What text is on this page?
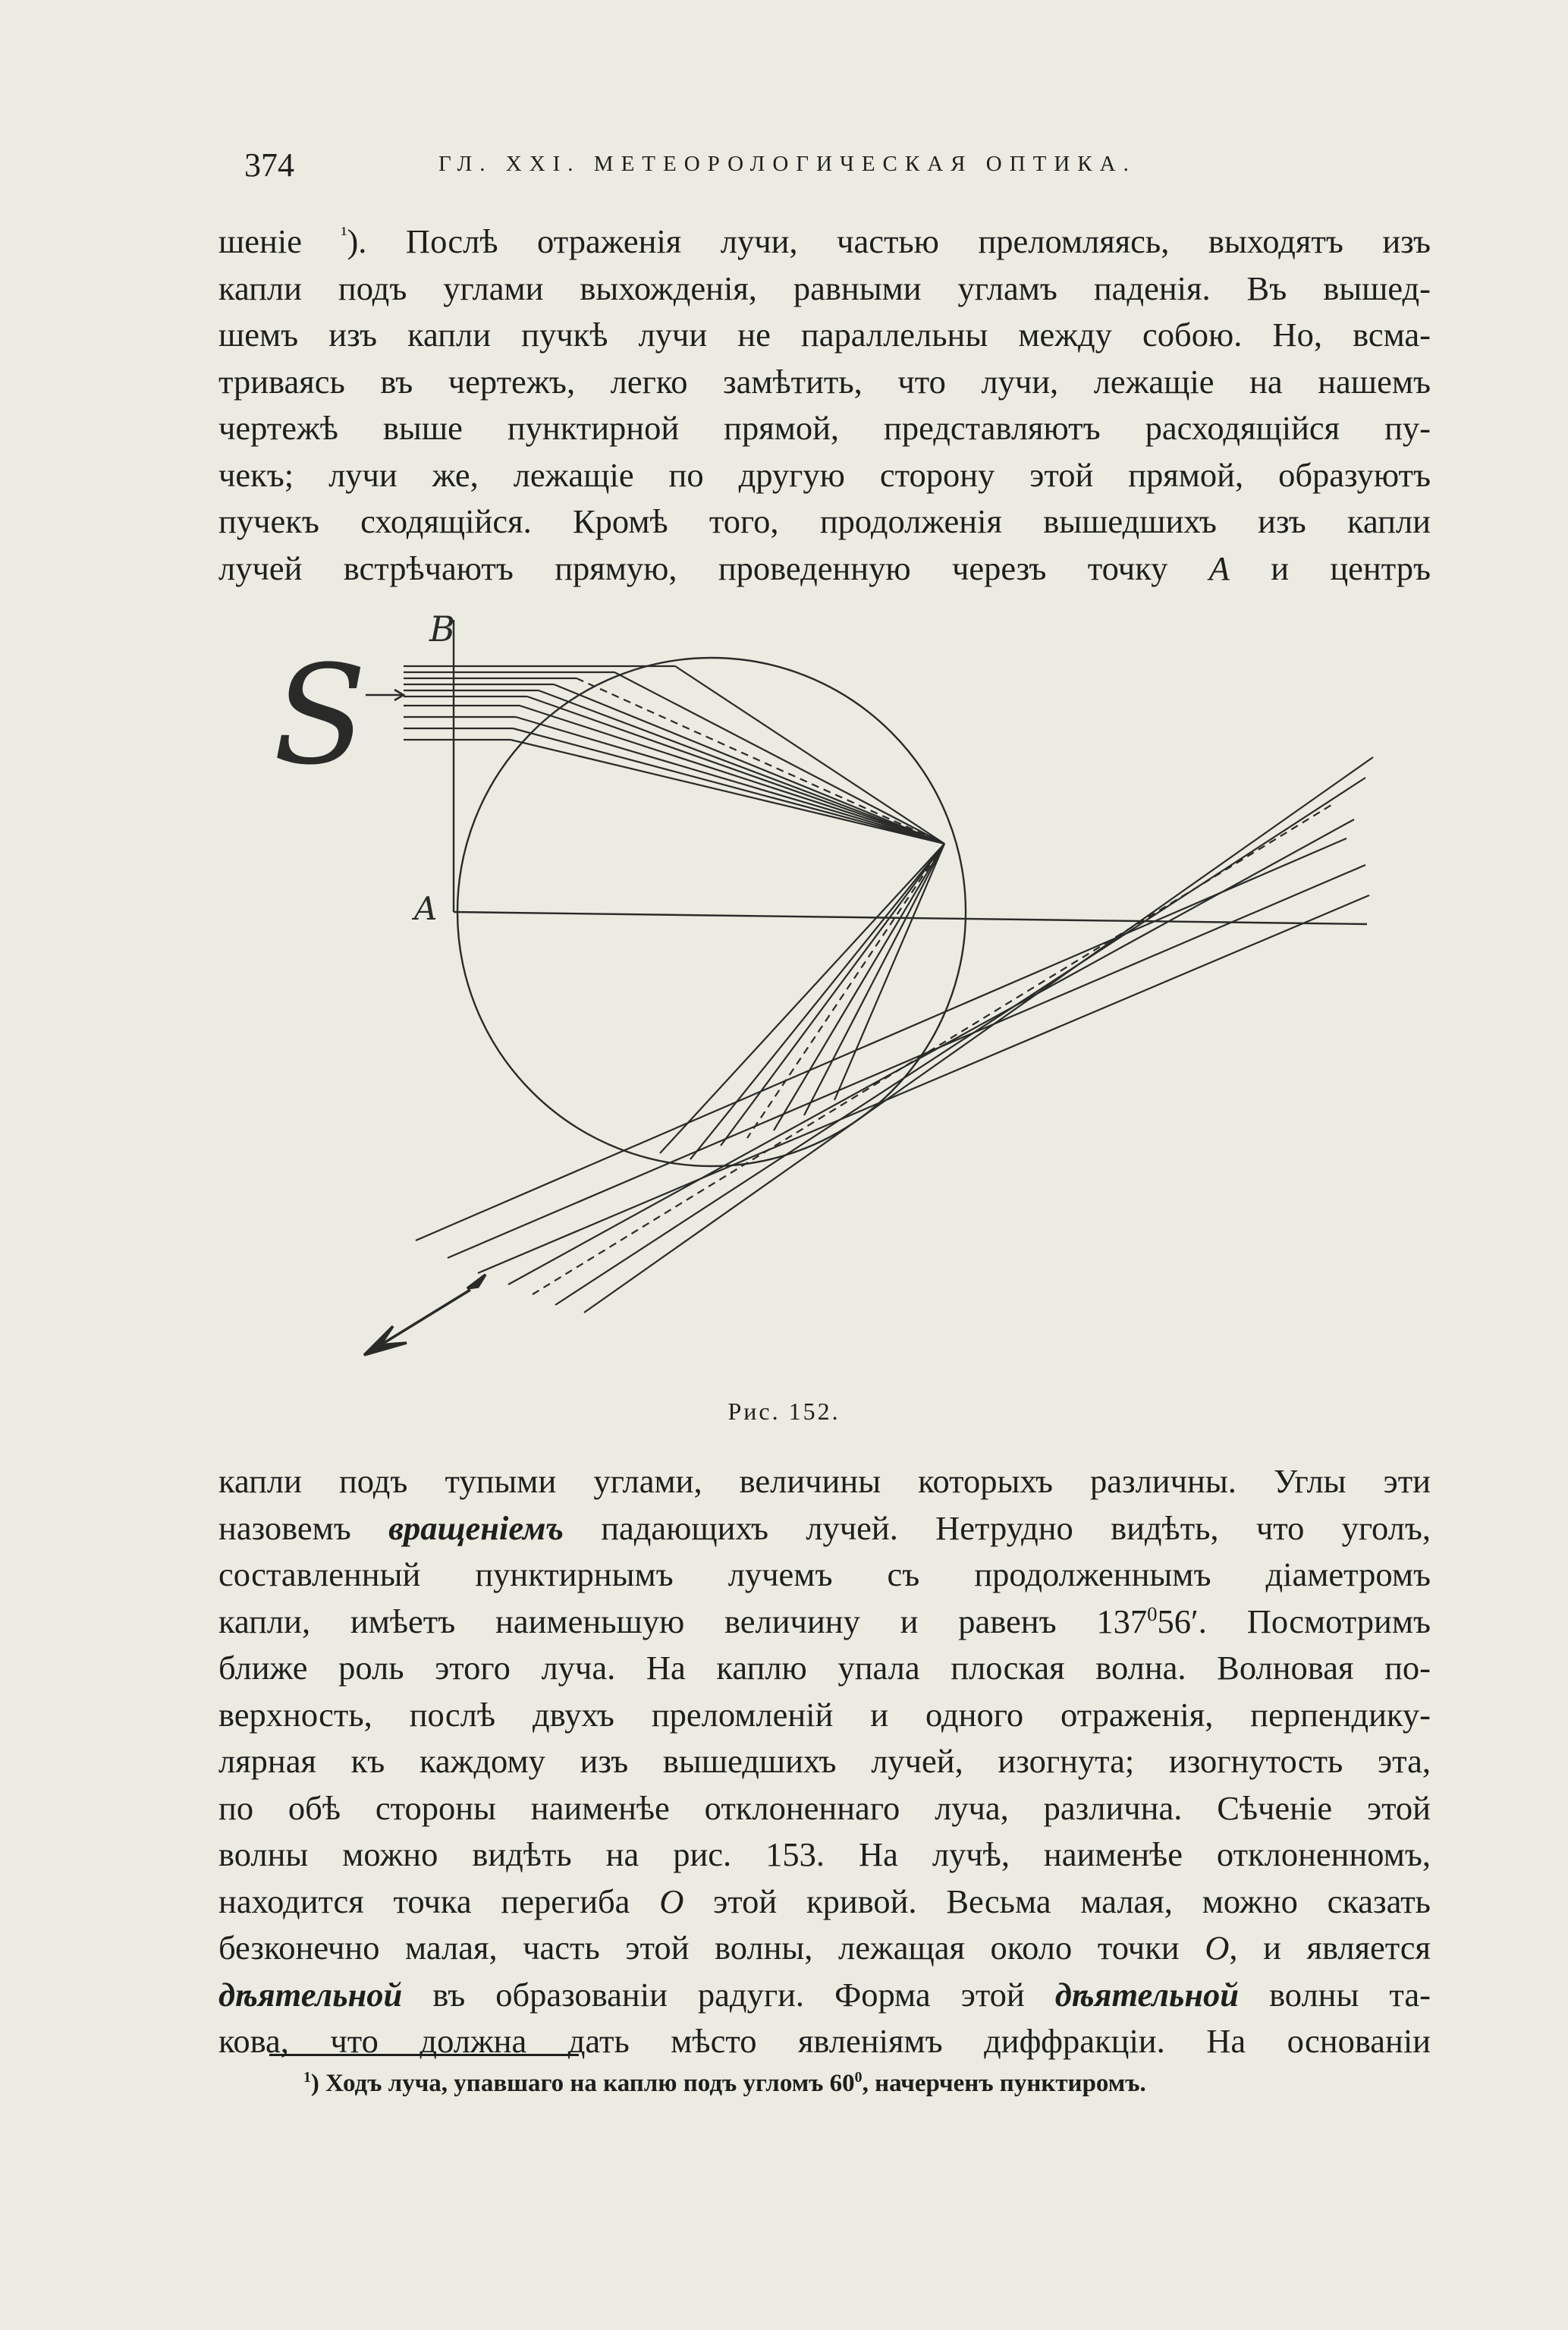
374	ГЛ. XXI. МЕТЕОРОЛОГИЧЕСКАЯ ОПТИКА.
шеніе $^{^1}$). Послѣ отраженія лучи, частью преломляясь, выходятъ изъ
капли подъ углами выхожденія, равными угламъ паденія. Въ вышед-
шемъ изъ капли пучкѣ лучи не параллельны между собою. Но, всма-
триваясь въ чертежъ, легко замѣтить, что лучи, лежащіе на нашемъ
чертежѣ выше пунктирной прямой, представляютъ расходящійся пу-
чекъ; лучи же, лежащіе по другую сторону этой прямой, образуютъ
пучекъ сходящійся. Кромѣ того, продолженія вышедшихъ изъ капли
лучей встрѣчаютъ прямую, проведенную черезъ точку A и центръ
B
S
A
Рис. 152.
капли подъ тупыми углами, величины которыхъ различны. Углы эти
назовемъ вращеніемъ падающихъ лучей. Нетрудно видѣть, что уголъ,
составленный пунктирнымъ лучемъ съ продолженнымъ діаметромъ
капли, имѣетъ наименьшую величину и равенъ $137^056'$. Посмотримъ
ближе роль этого луча. На каплю упала плоская волна. Волновая по-
верхность, послѣ двухъ преломленій и одного отраженія, перпендику-
лярная къ каждому изъ вышедшихъ лучей, изогнута; изогнутость эта,
по обѣ стороны наименѣе отклоненнаго луча, различна. Сѣченіе этой
волны можно видѣть на рис. 153. На лучѣ, наименѣе отклоненномъ,
находится точка перегиба O этой кривой. Весьма малая, можно сказать
безконечно малая, часть этой волны, лежащая около точки O, и является
дѣятельной въ образованіи радуги. Форма этой дѣятельной волны та-
кова, что должна дать мѣсто явленіямъ диффракціи. На основаніи
$^1$) Ходъ луча, упавшаго на каплю подъ угломъ $60^0$, начерченъ пунктиромъ.
